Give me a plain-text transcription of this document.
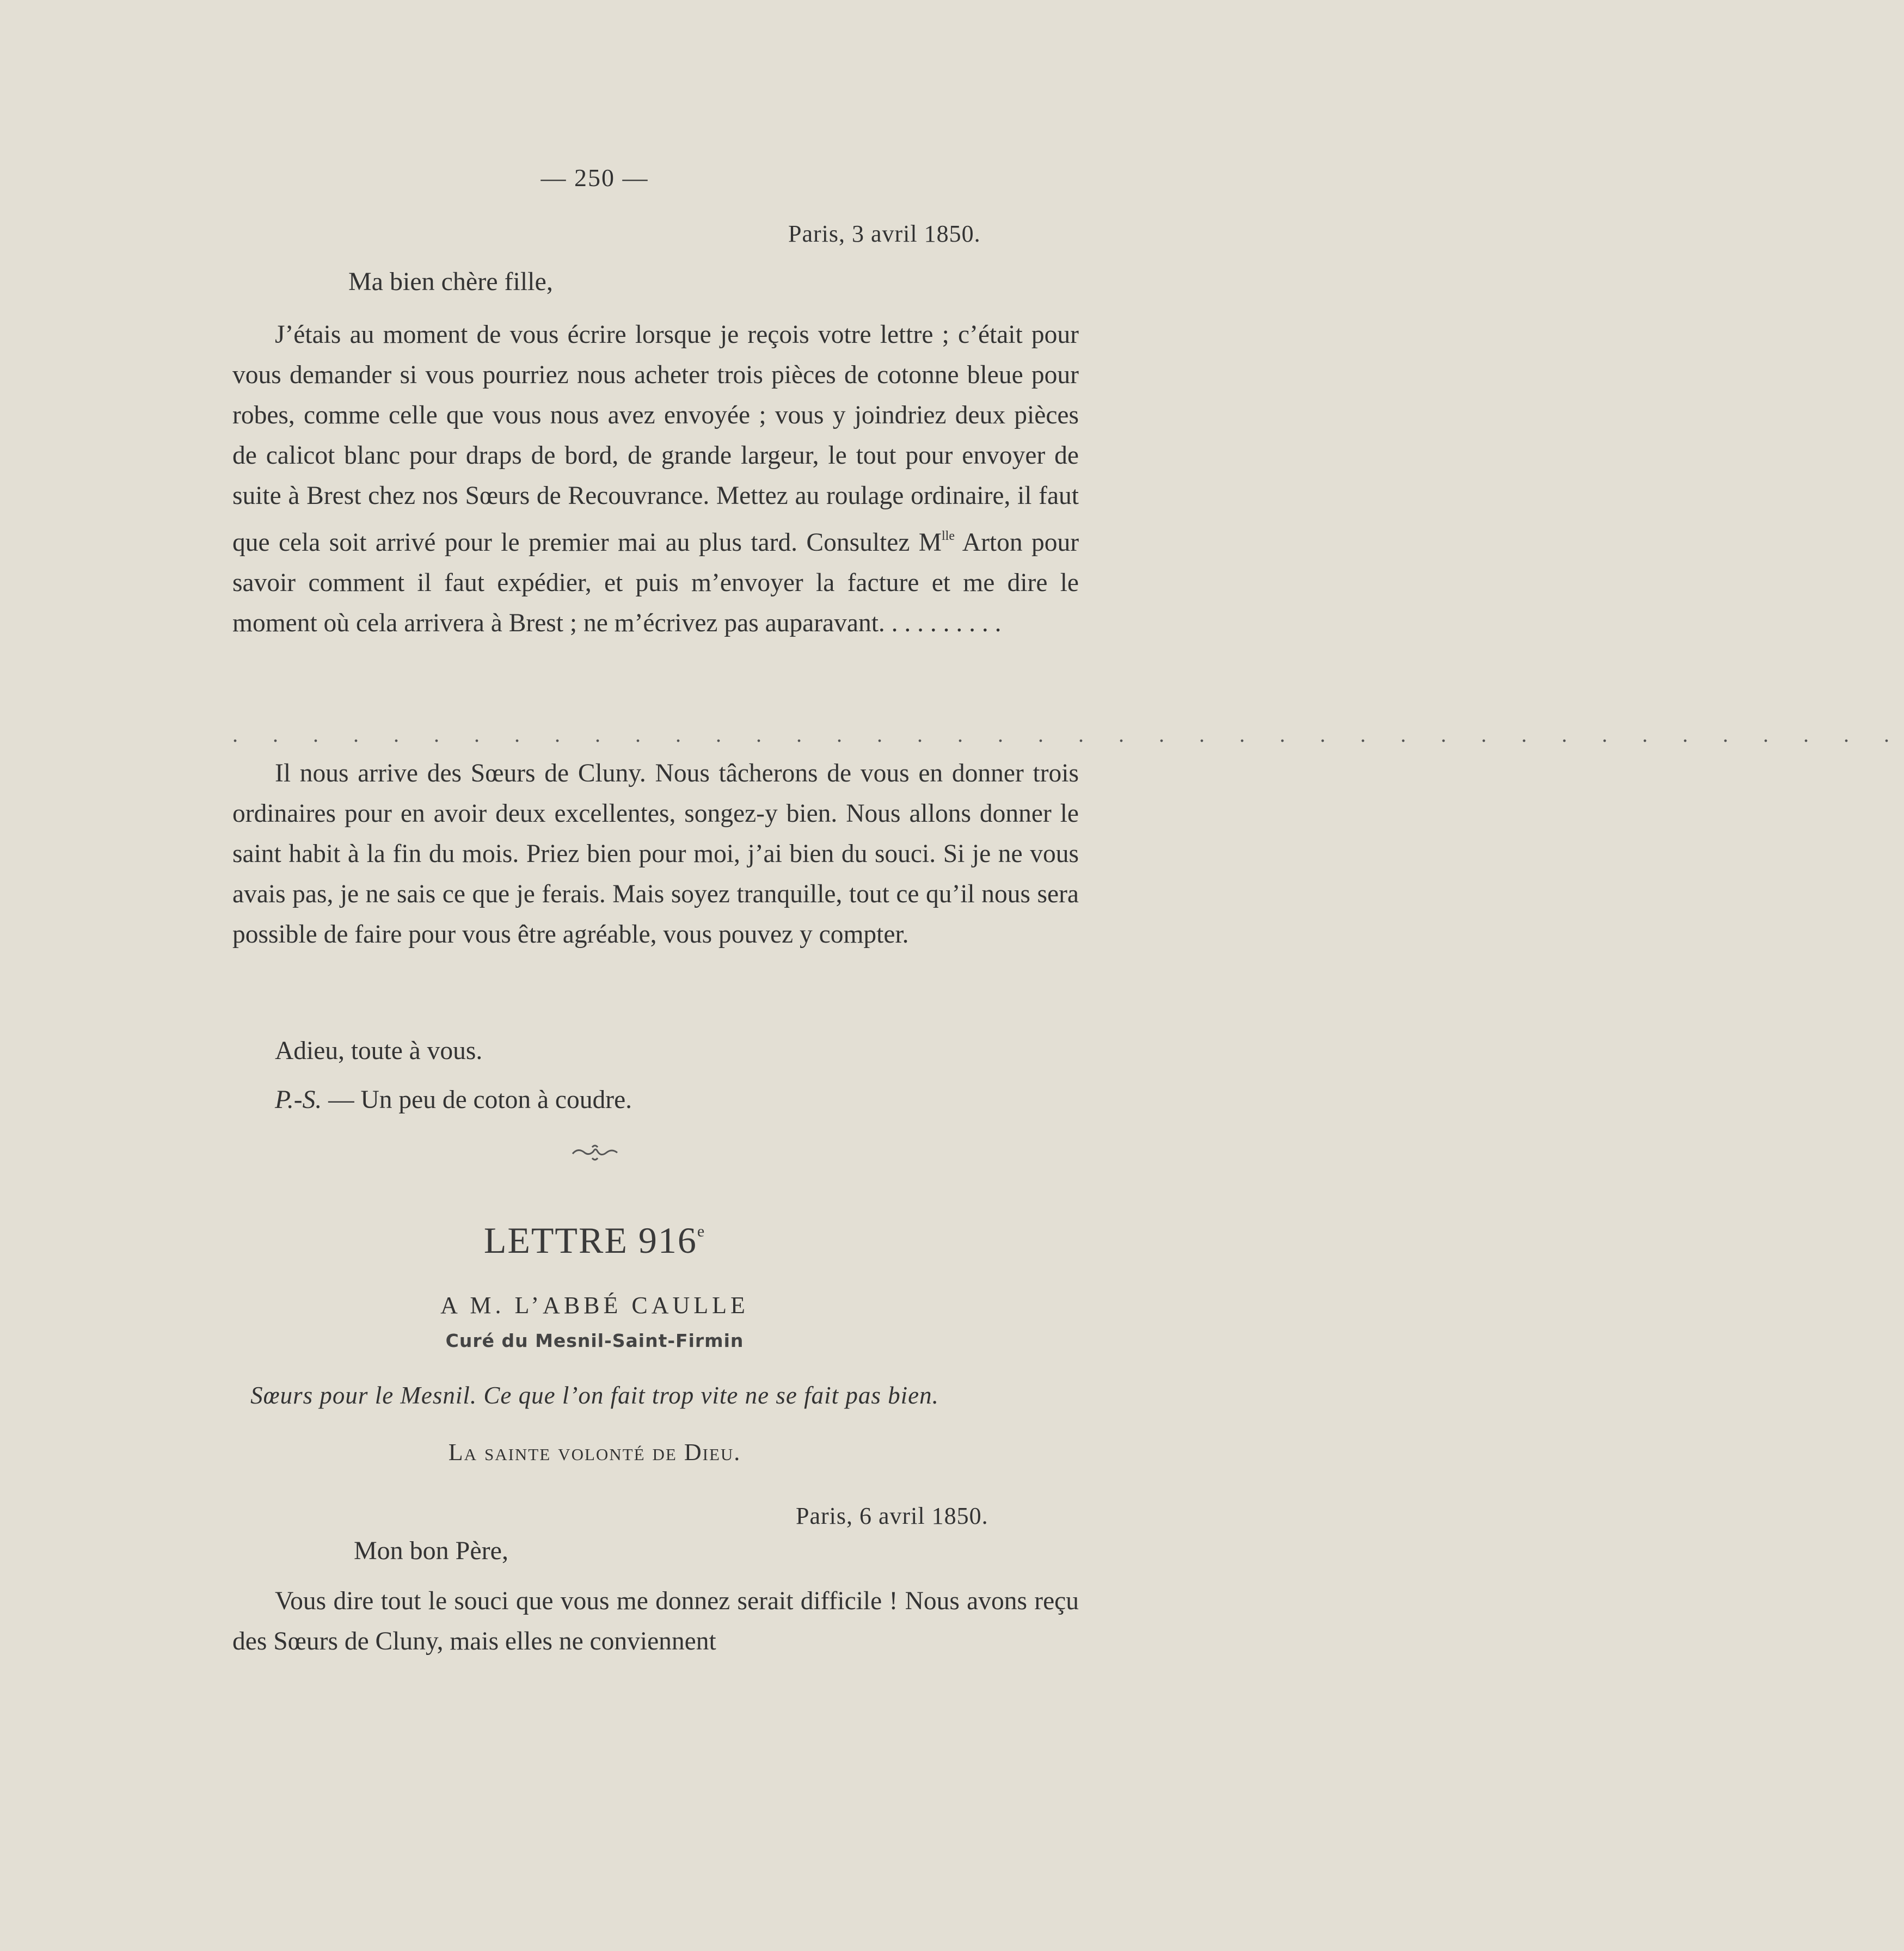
— 250 —
Paris, 3 avril 1850.
Ma bien chère fille,
J’étais au moment de vous écrire lorsque je reçois votre lettre ; c’était pour vous demander si vous pourriez nous acheter trois pièces de cotonne bleue pour robes, comme celle que vous nous avez envoyée ; vous y joindriez deux pièces de calicot blanc pour draps de bord, de grande largeur, le tout pour envoyer de suite à Brest chez nos Sœurs de Recouvrance. Mettez au roulage ordinaire, il faut que cela soit arrivé pour le premier mai au plus tard. Consultez $M^{lle}$ Arton pour savoir comment il faut expédier, et puis m’envoyer la facture et me dire le moment où cela arrivera à Brest ; ne m’écrivez pas auparavant. . . . . . . . . .
. . . . . . . . . . . . . . . . . . . . . . . . . . . . . . . . . . . . . . . . . .
Il nous arrive des Sœurs de Cluny. Nous tâcherons de vous en donner trois ordinaires pour en avoir deux excellentes, songez-y bien. Nous allons donner le saint habit à la fin du mois. Priez bien pour moi, j’ai bien du souci. Si je ne vous avais pas, je ne sais ce que je ferais. Mais soyez tranquille, tout ce qu’il nous sera possible de faire pour vous être agréable, vous pouvez y compter.
Adieu, toute à vous.
P.-S. — Un peu de coton à coudre.
LETTRE 916e
A M. L’ABBÉ CAULLE
Curé du Mesnil-Saint-Firmin
Sœurs pour le Mesnil. Ce que l’on fait trop vite ne se fait pas bien.
La sainte volonté de Dieu.
Paris, 6 avril 1850.
Mon bon Père,
Vous dire tout le souci que vous me donnez serait difficile ! Nous avons reçu des Sœurs de Cluny, mais elles ne conviennent
